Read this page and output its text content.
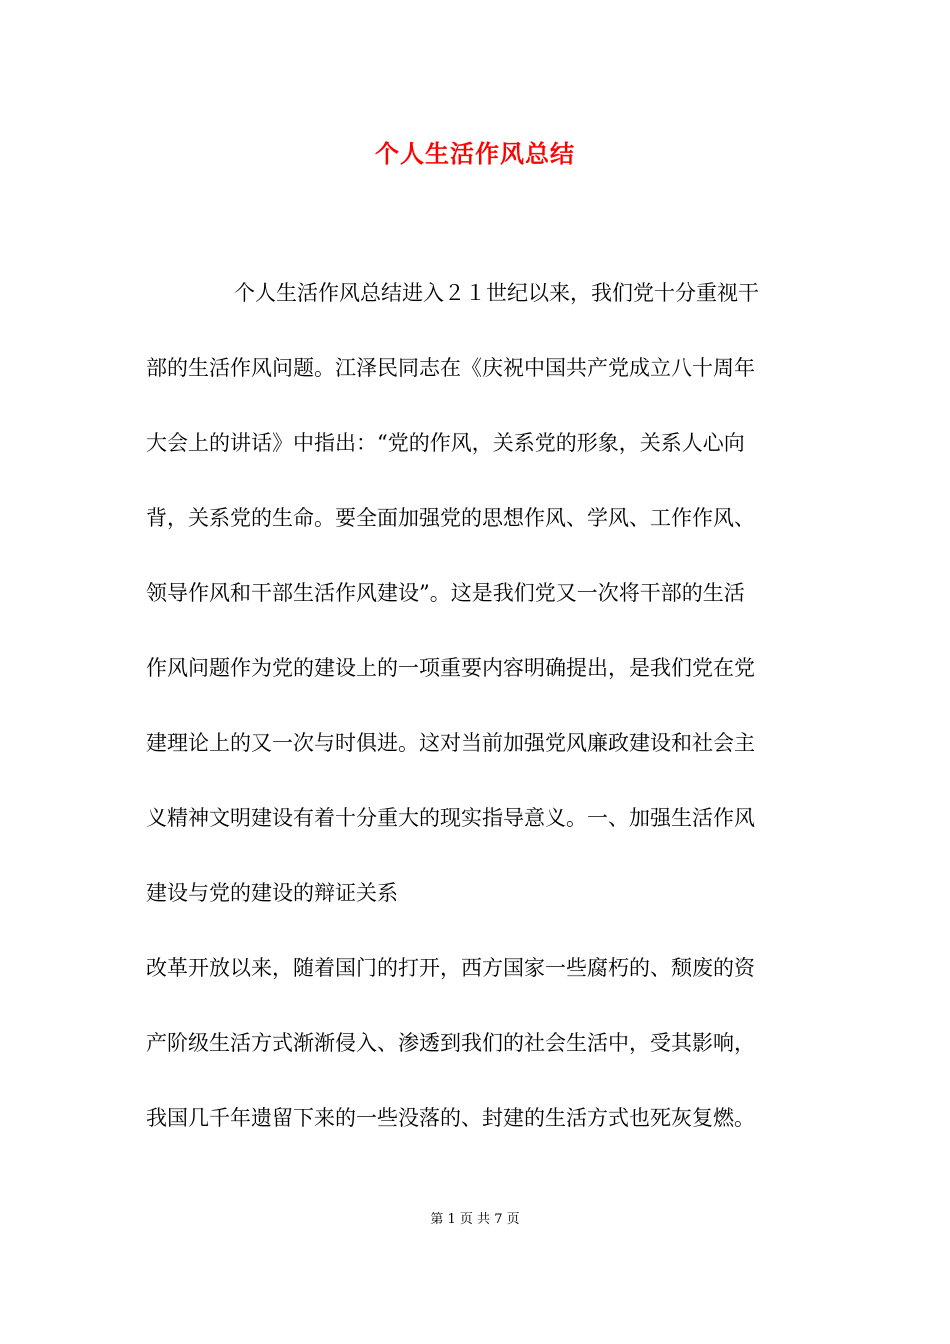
个人生活作风总结
个人生活作风总结进入２１世纪以来，我们党十分重视干
部的生活作风问题。江泽民同志在《庆祝中国共产党成立八十周年
大会上的讲话》中指出：“党的作风，关系党的形象，关系人心向
背，关系党的生命。要全面加强党的思想作风、学风、工作作风、
领导作风和干部生活作风建设”。这是我们党又一次将干部的生活
作风问题作为党的建设上的一项重要内容明确提出，是我们党在党
建理论上的又一次与时俱进。这对当前加强党风廉政建设和社会主
义精神文明建设有着十分重大的现实指导意义。一、加强生活作风
建设与党的建设的辩证关系
改革开放以来，随着国门的打开，西方国家一些腐朽的、颓废的资
产阶级生活方式渐渐侵入、渗透到我们的社会生活中，受其影响，
我国几千年遗留下来的一些没落的、封建的生活方式也死灰复燃。
第 1 页 共 7 页
